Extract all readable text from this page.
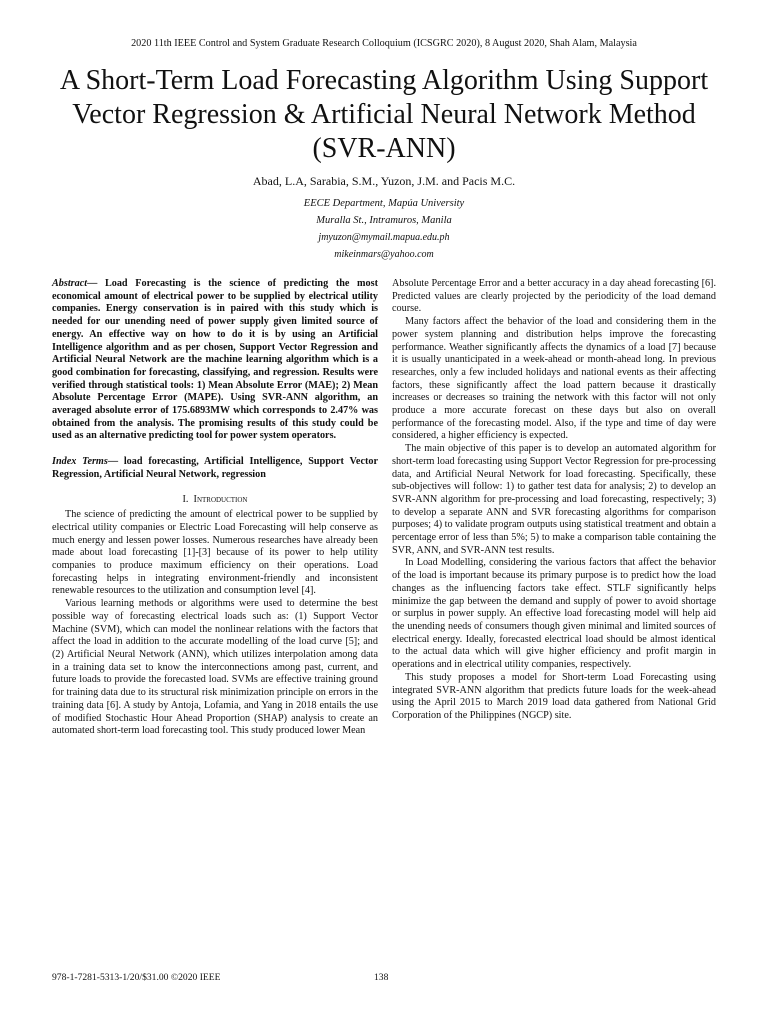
2020 11th IEEE Control and System Graduate Research Colloquium (ICSGRC 2020), 8 August 2020, Shah Alam, Malaysia
A Short-Term Load Forecasting Algorithm Using Support Vector Regression & Artificial Neural Network Method (SVR-ANN)
Abad, L.A, Sarabia, S.M., Yuzon, J.M. and Pacis M.C.
EECE Department, Mapúa University
Muralla St., Intramuros, Manila
jmyuzon@mymail.mapua.edu.ph
mikeinmars@yahoo.com

Abstract— Load Forecasting is the science of predicting the most economical amount of electrical power to be supplied by electrical utility companies. Energy conservation is in paired with this study which is needed for our unending need of power supply given limited source of energy. An effective way on how to do it is by using an Artificial Intelligence algorithm and as per chosen, Support Vector Regression and Artificial Neural Network are the machine learning algorithm which is a good combination for forecasting, classifying, and regression. Results were verified through statistical tools: 1) Mean Absolute Error (MAE); 2) Mean Absolute Percentage Error (MAPE). Using SVR-ANN algorithm, an averaged absolute error of 175.6893MW which corresponds to 2.47% was obtained from the analysis. The promising results of this study could be used as an alternative predicting tool for power system operators.

Index Terms— load forecasting, Artificial Intelligence, Support Vector Regression, Artificial Neural Network, regression

I. Introduction

The science of predicting the amount of electrical power to be supplied by electrical utility companies or Electric Load Forecasting will help conserve as much energy and lessen power losses. Numerous researches have already been made about load forecasting [1]-[3] because of its power to help utility companies to produce maximum efficiency on their operations. Load forecasting helps in integrating environment-friendly and inconsistent renewable resources to the utilization and consumption level [4].

Various learning methods or algorithms were used to determine the best possible way of forecasting electrical loads such as: (1) Support Vector Machine (SVM), which can model the nonlinear relations with the factors that affect the load in addition to the accurate modelling of the load curve [5]; and (2) Artificial Neural Network (ANN), which utilizes interpolation among data in a training data set to know the interconnections among past, current, and future loads to provide the forecasted load. SVMs are effective training ground for training data due to its structural risk minimization principle on errors in the training data [6]. A study by Antoja, Lofamia, and Yang in 2018 entails the use of modified Stochastic Hour Ahead Proportion (SHAP) analysis to create an automated short-term load forecasting tool. This study produced lower Mean

Absolute Percentage Error and a better accuracy in a day ahead forecasting [6]. Predicted values are clearly projected by the periodicity of the load demand course.

Many factors affect the behavior of the load and considering them in the power system planning and distribution helps improve the forecasting performance. Weather significantly affects the dynamics of a load [7] because it is usually unanticipated in a week-ahead or month-ahead long. In previous researches, only a few included holidays and national events as their affecting factors, these significantly affect the load pattern because it drastically increases or decreases so training the network with this factor will not only produce a more accurate forecast on these days but also on overall performance of the forecasting model. Also, if the type and time of day were considered, a higher efficiency is expected.

The main objective of this paper is to develop an automated algorithm for short-term load forecasting using Support Vector Regression for pre-processing data, and Artificial Neural Network for load forecasting. Specifically, these sub-objectives will follow: 1) to gather test data for analysis; 2) to develop an SVR-ANN algorithm for pre-processing and load forecasting, respectively; 3) to develop a separate ANN and SVR forecasting algorithms for comparison purposes; 4) to validate program outputs using statistical treatment and obtain a percentage error of less than 5%; 5) to make a comparison table containing the SVR, ANN, and SVR-ANN test results.

In Load Modelling, considering the various factors that affect the behavior of the load is important because its primary purpose is to predict how the load changes as the influencing factors take effect. STLF significantly helps minimize the gap between the demand and supply of power to avoid shortage or surplus in power supply. An effective load forecasting model will help aid the unending needs of consumers though given minimal and limited sources of electrical energy. Ideally, forecasted electrical load should be almost identical to the actual data which will give higher efficiency and profit margin in operations and in electrical utility companies, respectively.

This study proposes a model for Short-term Load Forecasting using integrated SVR-ANN algorithm that predicts future loads for the week-ahead using the April 2015 to March 2019 load data gathered from National Grid Corporation of the Philippines (NGCP) site.

978-1-7281-5313-1/20/$31.00 ©2020 IEEE	138
